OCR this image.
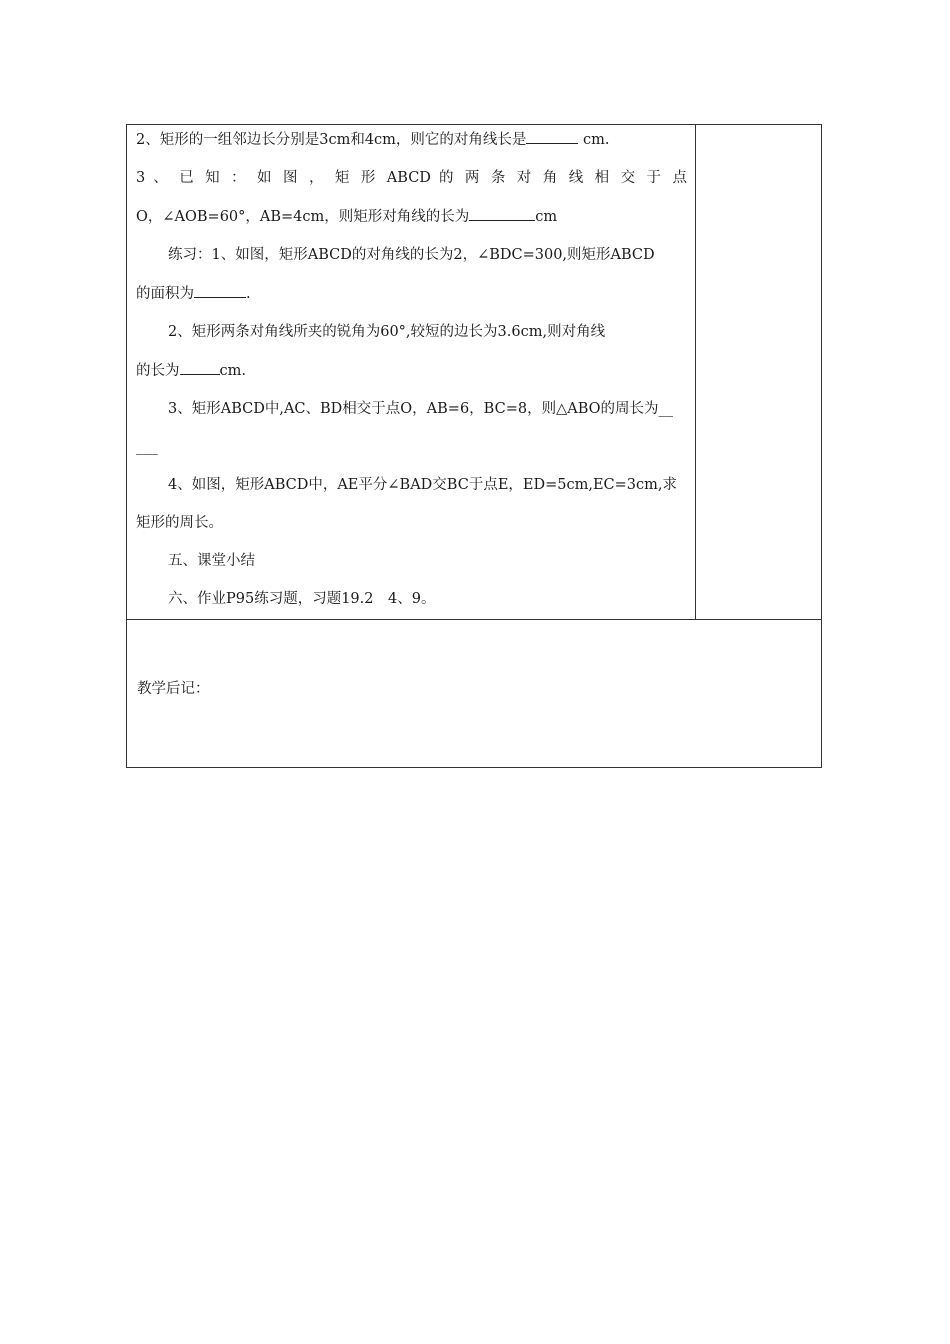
2、矩形的一组邻边长分别是3cm和4cm，则它的对角线长是	cm.
3 、 已 知 ： 如 图 ， 矩 形 ABCD 的 两 条 对 角 线 相 交 于 点
O，∠AOB=60°，AB=4cm，则矩形对角线的长为	cm
练习：1、如图，矩形ABCD的对角线的长为2，∠BDC=300,则矩形ABCD
的面积为	.
2、矩形两条对角线所夹的锐角为60°,较短的边长为3.6cm,则对角线
的长为	cm.
3、矩形ABCD中,AC、BD相交于点O，AB=6，BC=8，则△ABO的周长为__
___
4、如图，矩形ABCD中，AE平分∠BAD交BC于点E，ED=5cm,EC=3cm,求
矩形的周长。
五、课堂小结
六、作业P95练习题，习题19.2　4、9。

教学后记：
